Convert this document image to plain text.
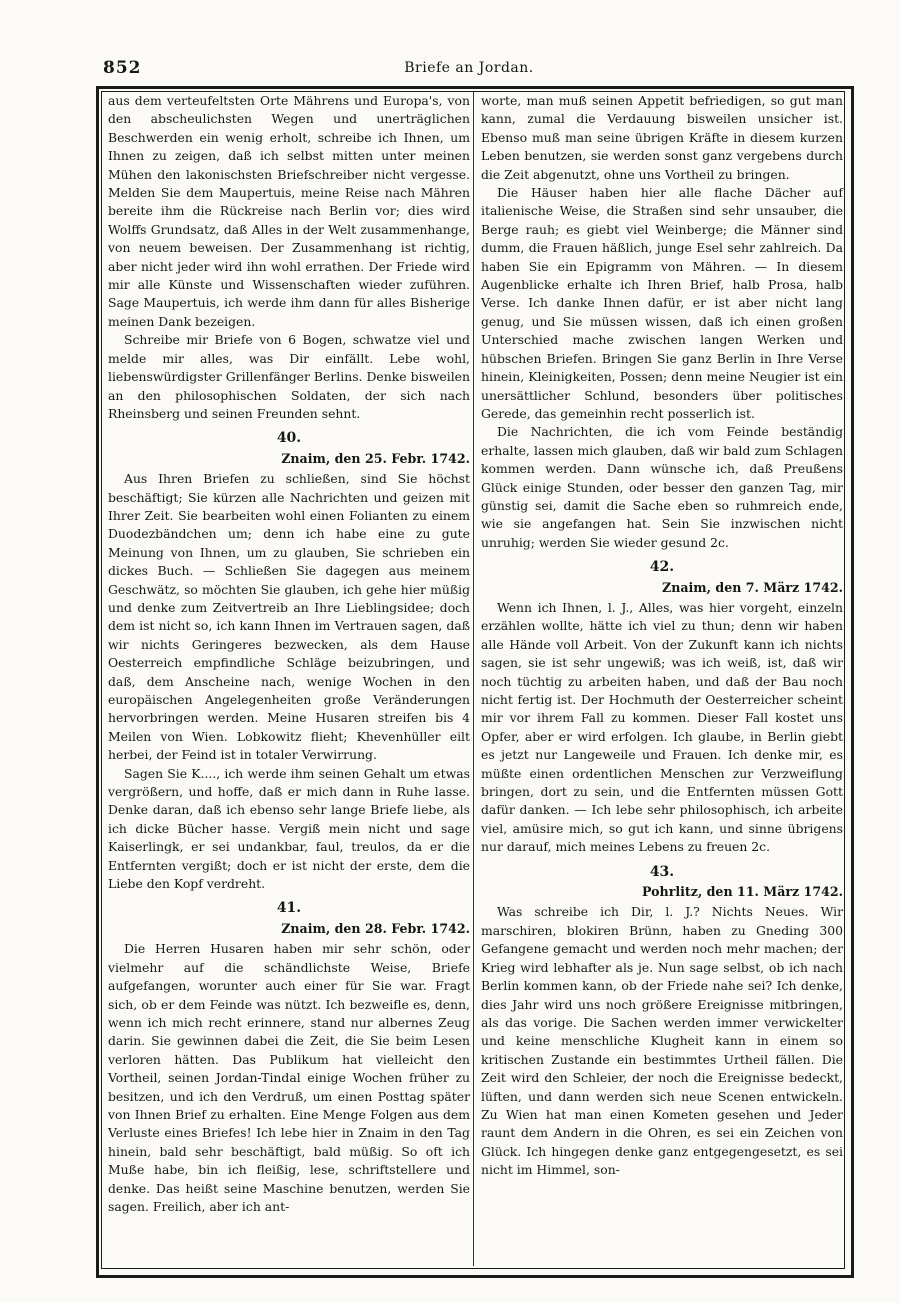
852	Briefe an Jordan.

aus dem verteufeltsten Orte Mährens und Europa's, von den abscheulichsten Wegen und unerträglichen Beschwerden ein wenig erholt, schreibe ich Ihnen, um Ihnen zu zeigen, daß ich selbst mitten unter meinen Mühen den lakonischsten Briefschreiber nicht vergesse. Melden Sie dem Maupertuis, meine Reise nach Mähren bereite ihm die Rückreise nach Berlin vor; dies wird Wolffs Grundsatz, daß Alles in der Welt zusammenhange, von neuem beweisen. Der Zusammenhang ist richtig, aber nicht jeder wird ihn wohl errathen. Der Friede wird mir alle Künste und Wissenschaften wieder zuführen. Sage Maupertuis, ich werde ihm dann für alles Bisherige meinen Dank bezeigen.

Schreibe mir Briefe von 6 Bogen, schwatze viel und melde mir alles, was Dir einfällt. Lebe wohl, liebenswürdigster Grillenfänger Berlins. Denke bisweilen an den philosophischen Soldaten, der sich nach Rheinsberg und seinen Freunden sehnt.

40.
Znaim, den 25. Febr. 1742.

Aus Ihren Briefen zu schließen, sind Sie höchst beschäftigt; Sie kürzen alle Nachrichten und geizen mit Ihrer Zeit. Sie bearbeiten wohl einen Folianten zu einem Duodezbändchen um; denn ich habe eine zu gute Meinung von Ihnen, um zu glauben, Sie schrieben ein dickes Buch. — Schließen Sie dagegen aus meinem Geschwätz, so möchten Sie glauben, ich gehe hier müßig und denke zum Zeitvertreib an Ihre Lieblingsidee; doch dem ist nicht so, ich kann Ihnen im Vertrauen sagen, daß wir nichts Geringeres bezwecken, als dem Hause Oesterreich empfindliche Schläge beizubringen, und daß, dem Anscheine nach, wenige Wochen in den europäischen Angelegenheiten große Veränderungen hervorbringen werden. Meine Husaren streifen bis 4 Meilen von Wien. Lobkowitz flieht; Khevenhüller eilt herbei, der Feind ist in totaler Verwirrung.

Sagen Sie K...., ich werde ihm seinen Gehalt um etwas vergrößern, und hoffe, daß er mich dann in Ruhe lasse. Denke daran, daß ich ebenso sehr lange Briefe liebe, als ich dicke Bücher hasse. Vergiß mein nicht und sage Kaiserlingk, er sei undankbar, faul, treulos, da er die Entfernten vergißt; doch er ist nicht der erste, dem die Liebe den Kopf verdreht.

41.
Znaim, den 28. Febr. 1742.

Die Herren Husaren haben mir sehr schön, oder vielmehr auf die schändlichste Weise, Briefe aufgefangen, worunter auch einer für Sie war. Fragt sich, ob er dem Feinde was nützt. Ich bezweifle es, denn, wenn ich mich recht erinnere, stand nur albernes Zeug darin. Sie gewinnen dabei die Zeit, die Sie beim Lesen verloren hätten. Das Publikum hat vielleicht den Vortheil, seinen Jordan-Tindal einige Wochen früher zu besitzen, und ich den Verdruß, um einen Posttag später von Ihnen Brief zu erhalten. Eine Menge Folgen aus dem Verluste eines Briefes! Ich lebe hier in Znaim in den Tag hinein, bald sehr beschäftigt, bald müßig. So oft ich Muße habe, bin ich fleißig, lese, schriftstellere und denke. Das heißt seine Maschine benutzen, werden Sie sagen. Freilich, aber ich ant-

worte, man muß seinen Appetit befriedigen, so gut man kann, zumal die Verdauung bisweilen unsicher ist. Ebenso muß man seine übrigen Kräfte in diesem kurzen Leben benutzen, sie werden sonst ganz vergebens durch die Zeit abgenutzt, ohne uns Vortheil zu bringen.

Die Häuser haben hier alle flache Dächer auf italienische Weise, die Straßen sind sehr unsauber, die Berge rauh; es giebt viel Weinberge; die Männer sind dumm, die Frauen häßlich, junge Esel sehr zahlreich. Da haben Sie ein Epigramm von Mähren. — In diesem Augenblicke erhalte ich Ihren Brief, halb Prosa, halb Verse. Ich danke Ihnen dafür, er ist aber nicht lang genug, und Sie müssen wissen, daß ich einen großen Unterschied mache zwischen langen Werken und hübschen Briefen. Bringen Sie ganz Berlin in Ihre Verse hinein, Kleinigkeiten, Possen; denn meine Neugier ist ein unersättlicher Schlund, besonders über politisches Gerede, das gemeinhin recht posserlich ist.

Die Nachrichten, die ich vom Feinde beständig erhalte, lassen mich glauben, daß wir bald zum Schlagen kommen werden. Dann wünsche ich, daß Preußens Glück einige Stunden, oder besser den ganzen Tag, mir günstig sei, damit die Sache eben so ruhmreich ende, wie sie angefangen hat. Sein Sie inzwischen nicht unruhig; werden Sie wieder gesund 2c.

42.
Znaim, den 7. März 1742.

Wenn ich Ihnen, l. J., Alles, was hier vorgeht, einzeln erzählen wollte, hätte ich viel zu thun; denn wir haben alle Hände voll Arbeit. Von der Zukunft kann ich nichts sagen, sie ist sehr ungewiß; was ich weiß, ist, daß wir noch tüchtig zu arbeiten haben, und daß der Bau noch nicht fertig ist. Der Hochmuth der Oesterreicher scheint mir vor ihrem Fall zu kommen. Dieser Fall kostet uns Opfer, aber er wird erfolgen. Ich glaube, in Berlin giebt es jetzt nur Langeweile und Frauen. Ich denke mir, es müßte einen ordentlichen Menschen zur Verzweiflung bringen, dort zu sein, und die Entfernten müssen Gott dafür danken. — Ich lebe sehr philosophisch, ich arbeite viel, amüsire mich, so gut ich kann, und sinne übrigens nur darauf, mich meines Lebens zu freuen 2c.

43.
Pohrlitz, den 11. März 1742.

Was schreibe ich Dir, l. J.? Nichts Neues. Wir marschiren, blokiren Brünn, haben zu Gneding 300 Gefangene gemacht und werden noch mehr machen; der Krieg wird lebhafter als je. Nun sage selbst, ob ich nach Berlin kommen kann, ob der Friede nahe sei? Ich denke, dies Jahr wird uns noch größere Ereignisse mitbringen, als das vorige. Die Sachen werden immer verwickelter und keine menschliche Klugheit kann in einem so kritischen Zustande ein bestimmtes Urtheil fällen. Die Zeit wird den Schleier, der noch die Ereignisse bedeckt, lüften, und dann werden sich neue Scenen entwickeln. Zu Wien hat man einen Kometen gesehen und Jeder raunt dem Andern in die Ohren, es sei ein Zeichen von Glück. Ich hingegen denke ganz entgegengesetzt, es sei nicht im Himmel, son-
